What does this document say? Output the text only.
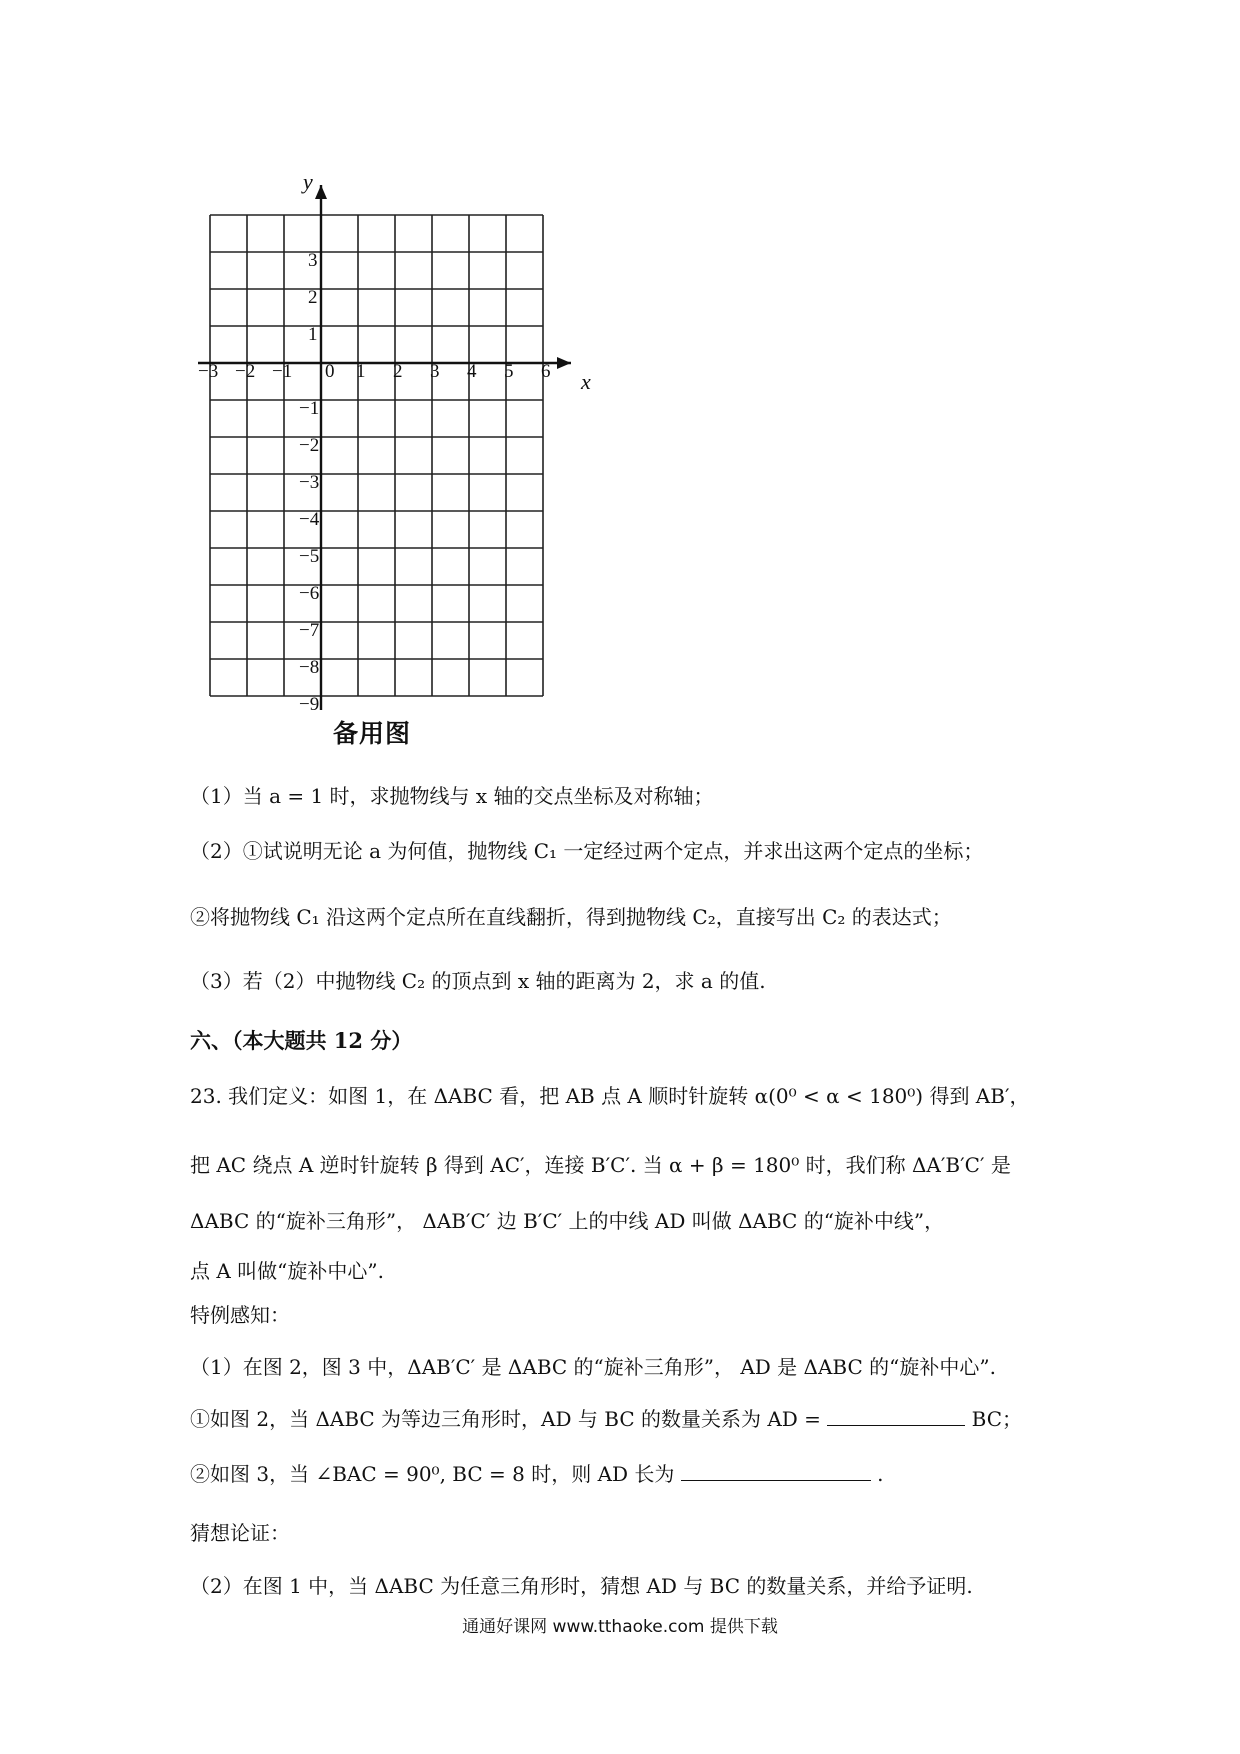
x
y
0
−3 −2 −1	1 2 3 4 5 6
3
2
1
−1
−2
−3
−4
−5
−6
−7
−8
−9
备用图
（1）当 a = 1 时，求抛物线与 x 轴的交点坐标及对称轴；
（2）①试说明无论 a 为何值，抛物线 C₁ 一定经过两个定点，并求出这两个定点的坐标；
②将抛物线 C₁ 沿这两个定点所在直线翻折，得到抛物线 C₂，直接写出 C₂ 的表达式；
（3）若（2）中抛物线 C₂ 的顶点到 x 轴的距离为 2，求 a 的值.
六、（本大题共 12 分）
23. 我们定义：如图 1，在 ΔABC 看，把 AB 点 A 顺时针旋转 α(0⁰ < α < 180⁰) 得到 AB′，
把 AC 绕点 A 逆时针旋转 β 得到 AC′，连接 B′C′. 当 α + β = 180⁰ 时，我们称 ΔA′B′C′ 是
ΔABC 的“旋补三角形”， ΔAB′C′ 边 B′C′ 上的中线 AD 叫做 ΔABC 的“旋补中线”，
点 A 叫做“旋补中心”.
特例感知：
（1）在图 2，图 3 中，ΔAB′C′ 是 ΔABC 的“旋补三角形”， AD 是 ΔABC 的“旋补中心”.
①如图 2，当 ΔABC 为等边三角形时，AD 与 BC 的数量关系为 AD =	BC；
②如图 3，当 ∠BAC = 90⁰, BC = 8 时，则 AD 长为	.
猜想论证：
（2）在图 1 中，当 ΔABC 为任意三角形时，猜想 AD 与 BC 的数量关系，并给予证明.
通通好课网 www.tthaoke.com 提供下载
